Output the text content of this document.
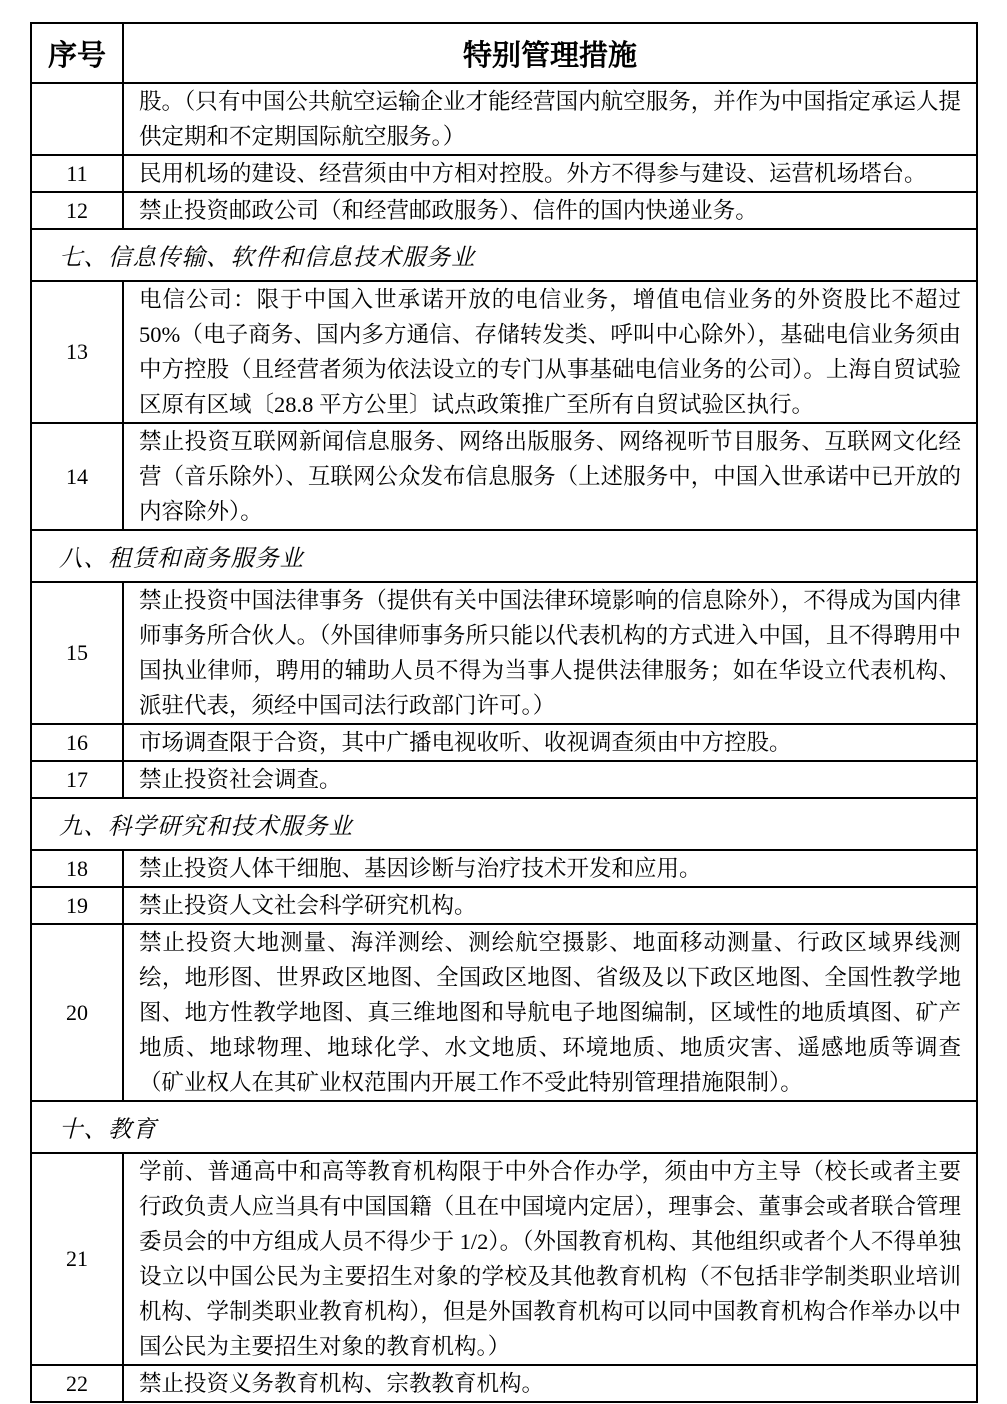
序号	特别管理措施
	股。（只有中国公共航空运输企业才能经营国内航空服务，并作为中国指定承运人提供定期和不定期国际航空服务。）
11	民用机场的建设、经营须由中方相对控股。外方不得参与建设、运营机场塔台。
12	禁止投资邮政公司（和经营邮政服务）、信件的国内快递业务。
七、信息传输、软件和信息技术服务业	
13	电信公司：限于中国入世承诺开放的电信业务，增值电信业务的外资股比不超过50%（电子商务、国内多方通信、存储转发类、呼叫中心除外），基础电信业务须由中方控股（且经营者须为依法设立的专门从事基础电信业务的公司）。上海自贸试验区原有区域〔28.8 平方公里〕试点政策推广至所有自贸试验区执行。
14	禁止投资互联网新闻信息服务、网络出版服务、网络视听节目服务、互联网文化经营（音乐除外）、互联网公众发布信息服务（上述服务中，中国入世承诺中已开放的内容除外）。
八、租赁和商务服务业	
15	禁止投资中国法律事务（提供有关中国法律环境影响的信息除外），不得成为国内律师事务所合伙人。（外国律师事务所只能以代表机构的方式进入中国，且不得聘用中国执业律师，聘用的辅助人员不得为当事人提供法律服务；如在华设立代表机构、派驻代表，须经中国司法行政部门许可。）
16	市场调查限于合资，其中广播电视收听、收视调查须由中方控股。
17	禁止投资社会调查。
九、科学研究和技术服务业	
18	禁止投资人体干细胞、基因诊断与治疗技术开发和应用。
19	禁止投资人文社会科学研究机构。
20	禁止投资大地测量、海洋测绘、测绘航空摄影、地面移动测量、行政区域界线测绘，地形图、世界政区地图、全国政区地图、省级及以下政区地图、全国性教学地图、地方性教学地图、真三维地图和导航电子地图编制，区域性的地质填图、矿产地质、地球物理、地球化学、水文地质、环境地质、地质灾害、遥感地质等调查（矿业权人在其矿业权范围内开展工作不受此特别管理措施限制）。
十、教育	
21	学前、普通高中和高等教育机构限于中外合作办学，须由中方主导（校长或者主要行政负责人应当具有中国国籍（且在中国境内定居），理事会、董事会或者联合管理委员会的中方组成人员不得少于 1/2）。（外国教育机构、其他组织或者个人不得单独设立以中国公民为主要招生对象的学校及其他教育机构（不包括非学制类职业培训机构、学制类职业教育机构），但是外国教育机构可以同中国教育机构合作举办以中国公民为主要招生对象的教育机构。）
22	禁止投资义务教育机构、宗教教育机构。
